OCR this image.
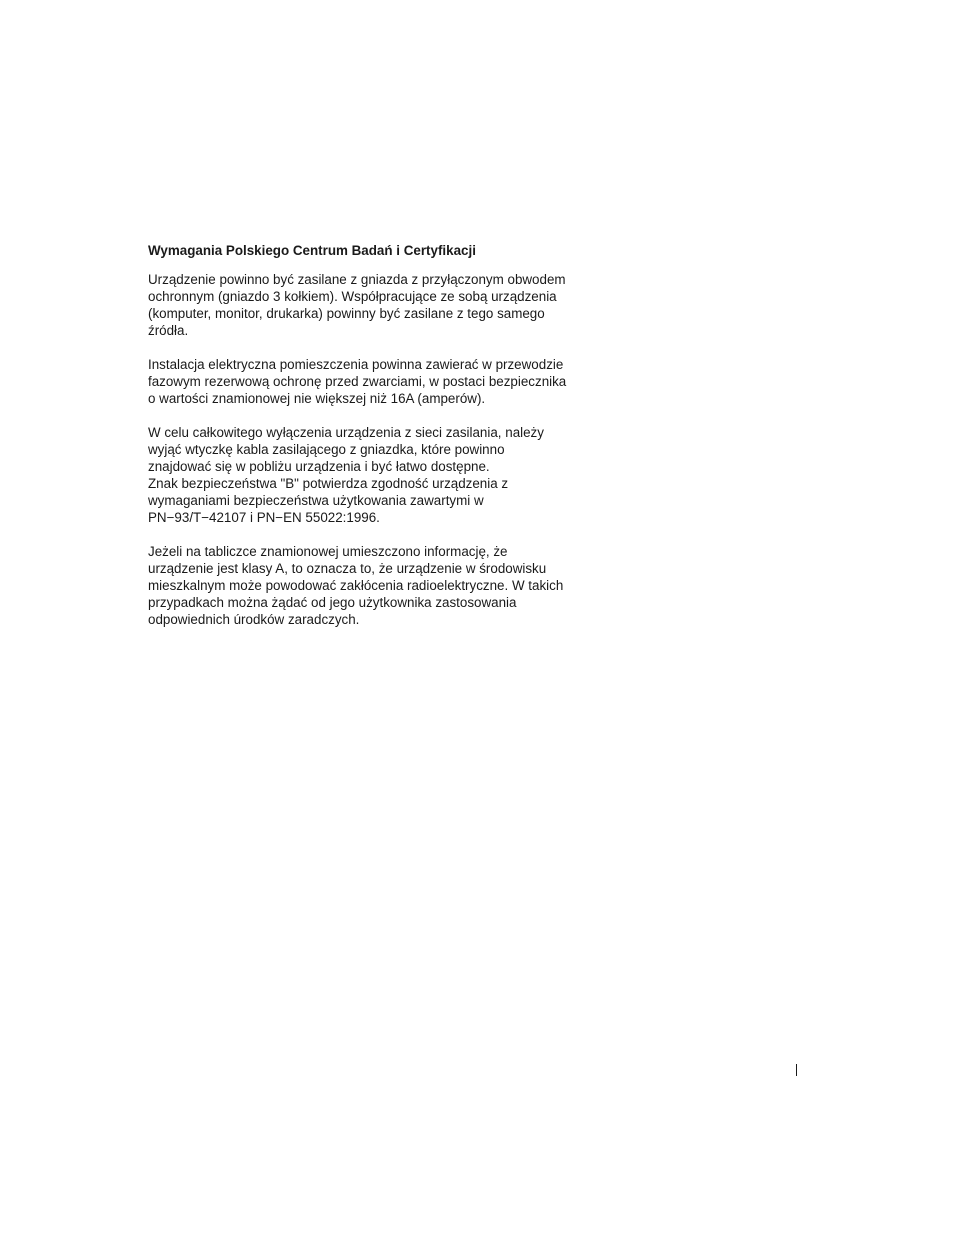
Wymagania Polskiego Centrum Badań i Certyfikacji
Urządzenie powinno być zasilane z gniazda z przyłączonym obwodem
ochronnym (gniazdo 3 kołkiem). Współpracujące ze sobą urządzenia
(komputer, monitor, drukarka) powinny być zasilane z tego samego
źródła.
Instalacja elektryczna pomieszczenia powinna zawierać w przewodzie
fazowym rezerwową ochronę przed zwarciami, w postaci bezpiecznika
o wartości znamionowej nie większej niż 16A (amperów).
W celu całkowitego wyłączenia urządzenia z sieci zasilania, należy
wyjąć wtyczkę kabla zasilającego z gniazdka, które powinno
znajdować się w pobliżu urządzenia i być łatwo dostępne.
Znak bezpieczeństwa "B" potwierdza zgodność urządzenia z
wymaganiami bezpieczeństwa użytkowania zawartymi w
PN−93/T−42107 i PN−EN 55022:1996.
Jeżeli na tabliczce znamionowej umieszczono informację, że
urządzenie jest klasy A, to oznacza to, że urządzenie w środowisku
mieszkalnym może powodować zakłócenia radioelektryczne. W takich
przypadkach można żądać od jego użytkownika zastosowania
odpowiednich úrodków zaradczych.
